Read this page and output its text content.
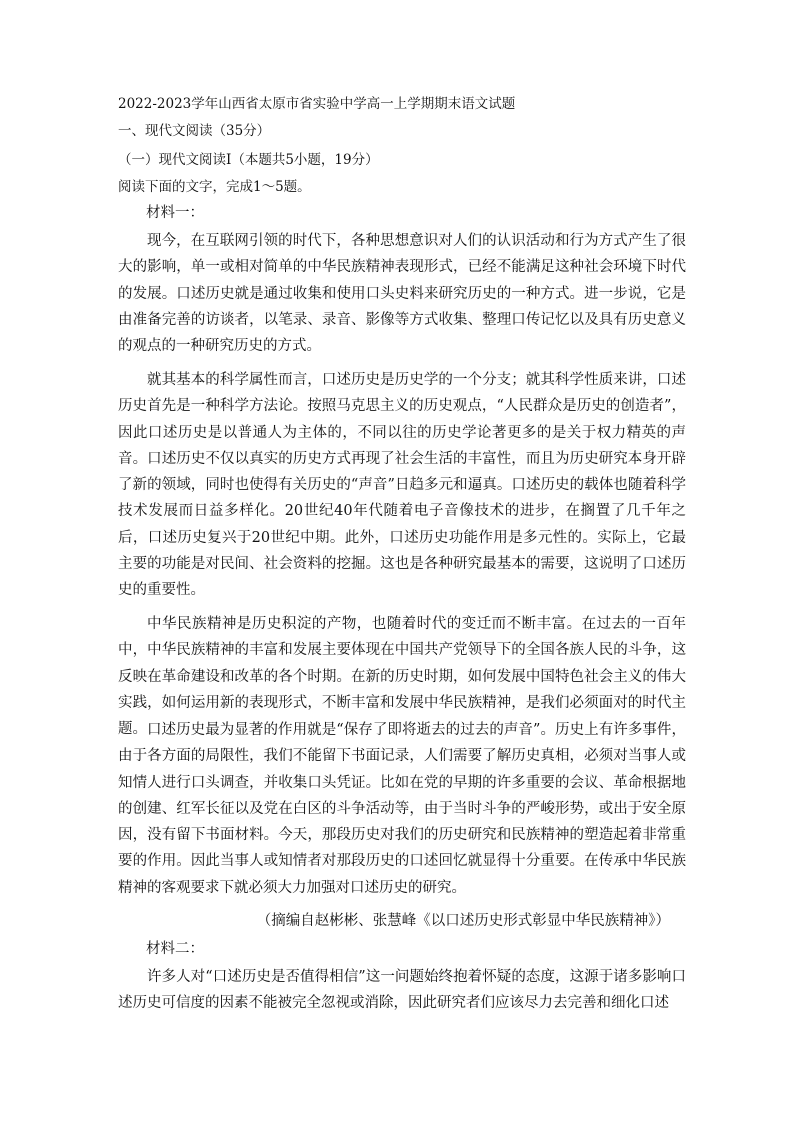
2022-2023学年山西省太原市省实验中学高一上学期期末语文试题
一、现代文阅读（35分）
（一）现代文阅读Ⅰ（本题共5小题，19分）
阅读下面的文字，完成1～5题。
材料一：

现今，在互联网引领的时代下，各种思想意识对人们的认识活动和行为方式产生了很大的影响，单一或相对简单的中华民族精神表现形式，已经不能满足这种社会环境下时代的发展。口述历史就是通过收集和使用口头史料来研究历史的一种方式。进一步说，它是由准备完善的访谈者，以笔录、录音、影像等方式收集、整理口传记忆以及具有历史意义的观点的一种研究历史的方式。

就其基本的科学属性而言，口述历史是历史学的一个分支；就其科学性质来讲，口述历史首先是一种科学方法论。按照马克思主义的历史观点，“人民群众是历史的创造者”，因此口述历史是以普通人为主体的，不同以往的历史学论著更多的是关于权力精英的声音。口述历史不仅以真实的历史方式再现了社会生活的丰富性，而且为历史研究本身开辟了新的领域，同时也使得有关历史的“声音”日趋多元和逼真。口述历史的载体也随着科学技术发展而日益多样化。20世纪40年代随着电子音像技术的进步，在搁置了几千年之后，口述历史复兴于20世纪中期。此外，口述历史功能作用是多元性的。实际上，它最主要的功能是对民间、社会资料的挖掘。这也是各种研究最基本的需要，这说明了口述历史的重要性。

中华民族精神是历史积淀的产物，也随着时代的变迁而不断丰富。在过去的一百年中，中华民族精神的丰富和发展主要体现在中国共产党领导下的全国各族人民的斗争，这反映在革命建设和改革的各个时期。在新的历史时期，如何发展中国特色社会主义的伟大实践，如何运用新的表现形式，不断丰富和发展中华民族精神，是我们必须面对的时代主题。 口述历史最为显著的作用就是“保存了即将逝去的过去的声音”。历史上有许多事件，由于各方面的局限性，我们不能留下书面记录，人们需要了解历史真相，必须对当事人或知情人进行口头调查，并收集口头凭证。比如在党的早期的许多重要的会议、革命根据地的创建、红军长征以及党在白区的斗争活动等，由于当时斗争的严峻形势，或出于安全原因，没有留下书面材料。今天，那段历史对我们的历史研究和民族精神的塑造起着非常重要的作用。因此当事人或知情者对那段历史的口述回忆就显得十分重要。在传承中华民族精神的客观要求下就必须大力加强对口述历史的研究。

（摘编自赵彬彬、张慧峰《以口述历史形式彰显中华民族精神》）
材料二：

许多人对“口述历史是否值得相信”这一问题始终抱着怀疑的态度，这源于诸多影响口述历史可信度的因素不能被完全忽视或消除，因此研究者们应该尽力去完善和细化口述
